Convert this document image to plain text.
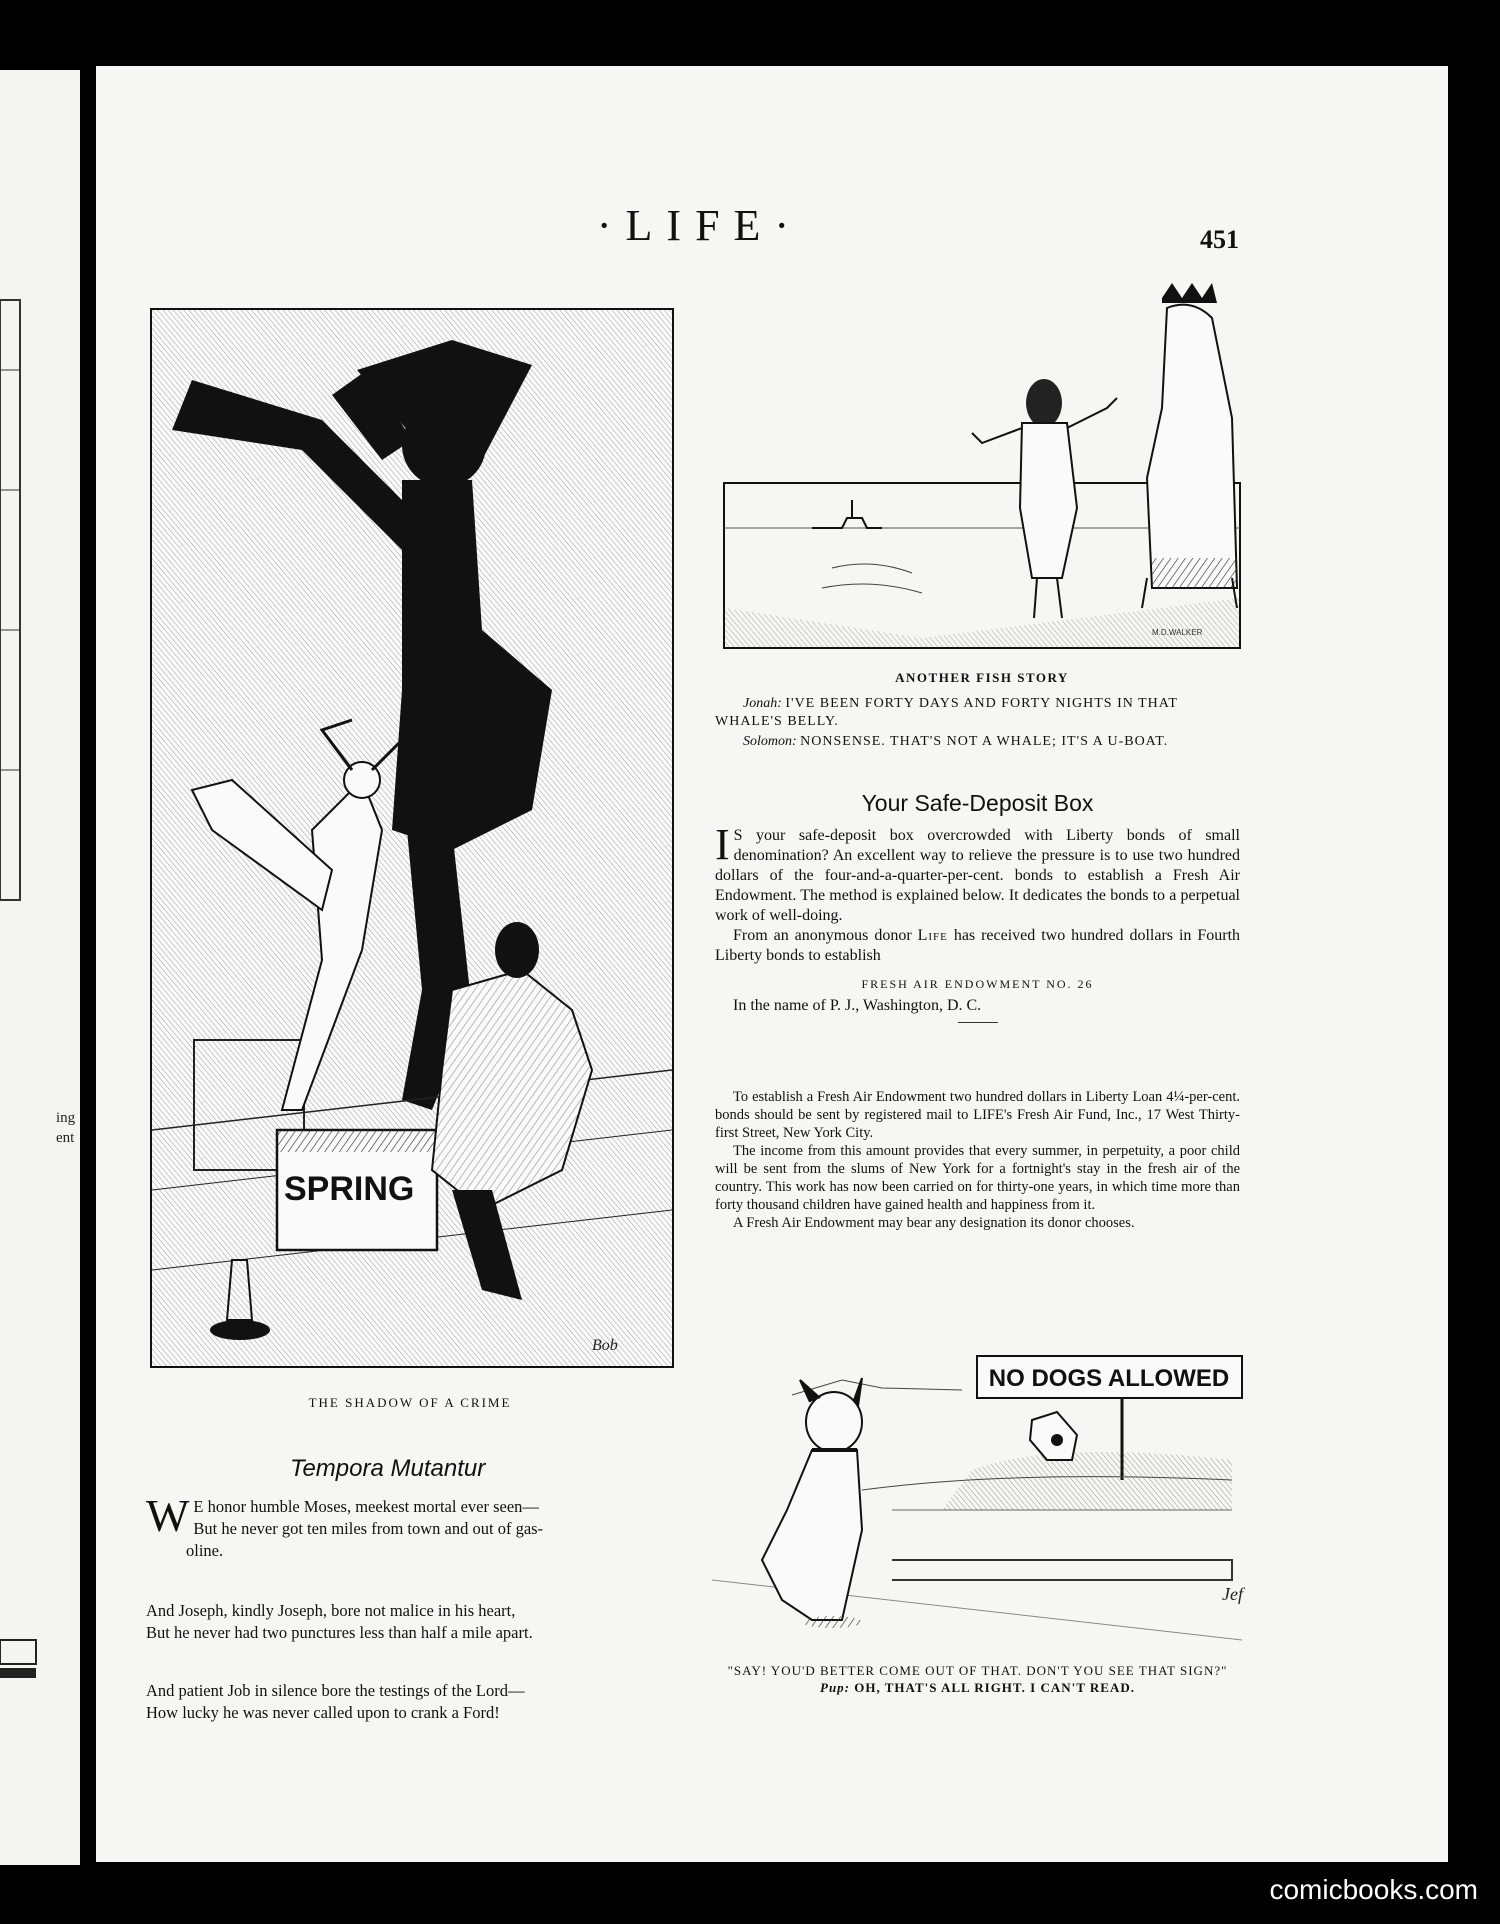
ing
ent
·LIFE·	451
SPRING
Bob
THE SHADOW OF A CRIME
Tempora Mutantur
W E honor humble Moses, meekest mortal ever seen—
But he never got ten miles from town and out of gas-
oline.
And Joseph, kindly Joseph, bore not malice in his heart,
But he never had two punctures less than half a mile apart.
And patient Job in silence bore the testings of the Lord—
How lucky he was never called upon to crank a Ford!
M.D.WALKER
ANOTHER FISH STORY
Jonah: I'VE BEEN FORTY DAYS AND FORTY NIGHTS IN THAT WHALE'S BELLY.
Solomon: NONSENSE. THAT'S NOT A WHALE; IT'S A U-BOAT.
Your Safe-Deposit Box
I S your safe-deposit box overcrowded with Liberty bonds of small denomination? An excellent way to relieve the pressure is to use two hundred dollars of the four-and-a-quarter-per-cent. bonds to establish a Fresh Air Endowment. The method is explained below. It dedicates the bonds to a perpetual work of well-doing.
From an anonymous donor Life has received two hundred dollars in Fourth Liberty bonds to establish
FRESH AIR ENDOWMENT NO. 26
In the name of P. J., Washington, D. C.
To establish a Fresh Air Endowment two hundred dollars in Liberty Loan 4¼-per-cent. bonds should be sent by registered mail to LIFE's Fresh Air Fund, Inc., 17 West Thirty-first Street, New York City.
The income from this amount provides that every summer, in perpetuity, a poor child will be sent from the slums of New York for a fortnight's stay in the fresh air of the country. This work has now been carried on for thirty-one years, in which time more than forty thousand children have gained health and happiness from it.
A Fresh Air Endowment may bear any designation its donor chooses.
NO DOGS ALLOWED
Jef
"SAY! YOU'D BETTER COME OUT OF THAT. DON'T YOU SEE THAT SIGN?"
Pup: OH, THAT'S ALL RIGHT. I CAN'T READ.
comicbooks.com
